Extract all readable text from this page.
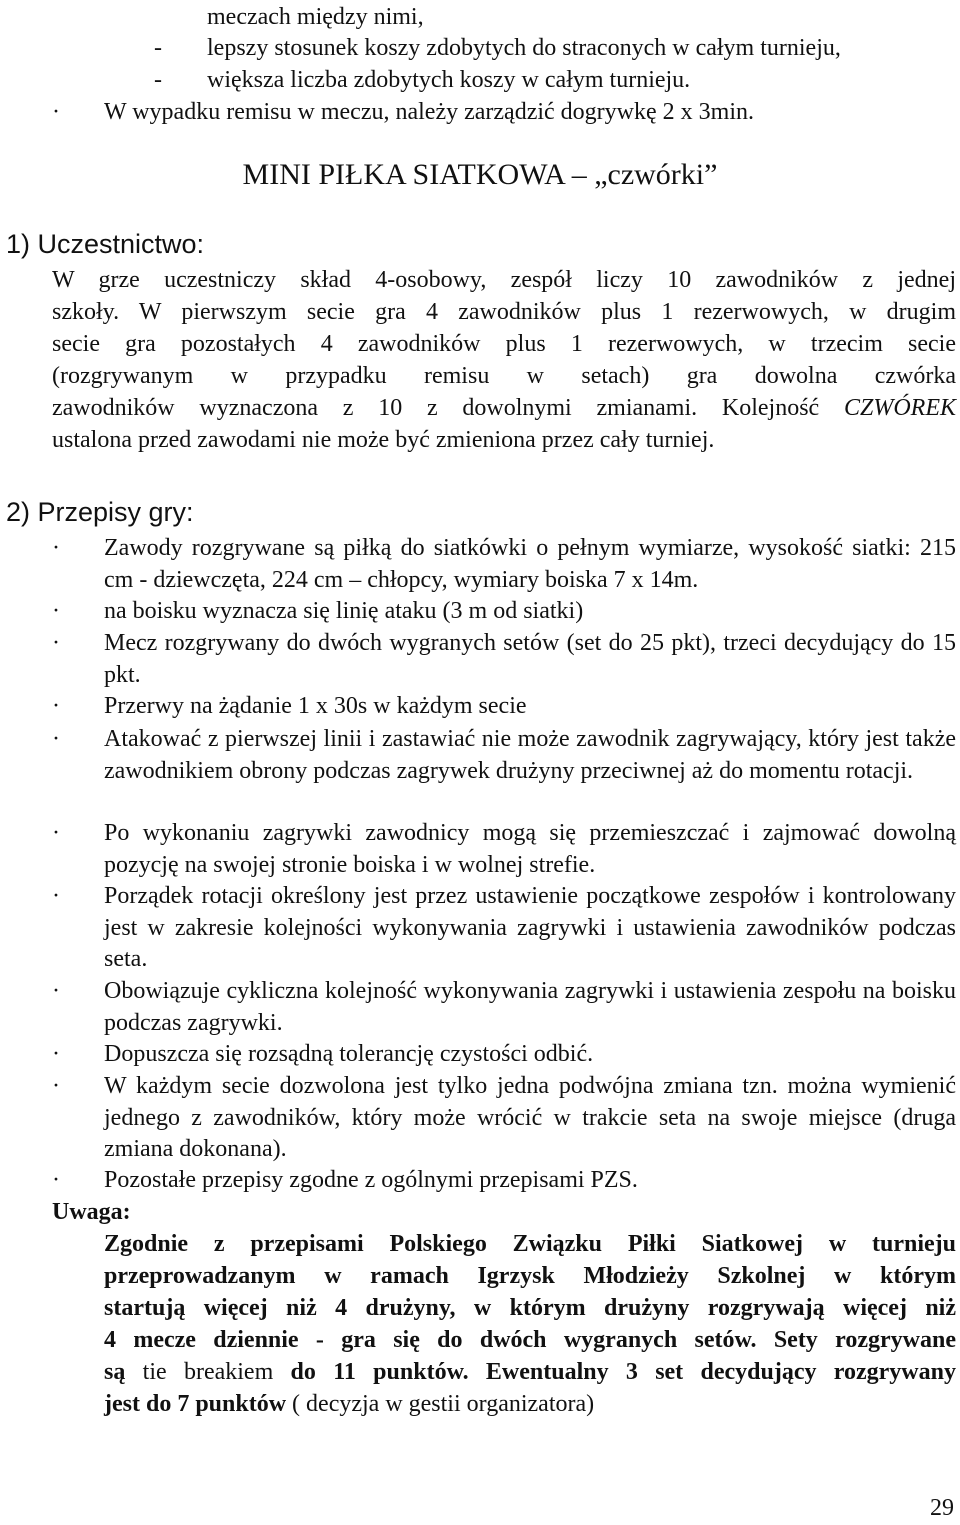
meczach między nimi,
- lepszy stosunek koszy zdobytych do straconych w całym turnieju,
- większa liczba zdobytych koszy w całym turnieju.
· W wypadku remisu w meczu, należy zarządzić dogrywkę 2 x 3min.
MINI PIŁKA SIATKOWA – „czwórki”
1) Uczestnictwo:
W grze uczestniczy skład 4-osobowy, zespół liczy 10 zawodników z jednej
szkoły. W pierwszym secie gra 4 zawodników plus 1 rezerwowych, w drugim
secie gra pozostałych 4 zawodników plus 1 rezerwowych, w trzecim secie
(rozgrywanym w przypadku remisu w setach) gra dowolna czwórka
zawodników wyznaczona z 10 z dowolnymi zmianami. Kolejność CZWÓREK
ustalona przed zawodami nie może być zmieniona przez cały turniej.
2) Przepisy gry:
· Zawody rozgrywane są piłką do siatkówki o pełnym wymiarze, wysokość siatki: 215 cm - dziewczęta, 224 cm – chłopcy, wymiary boiska 7 x 14m.
· na boisku wyznacza się linię ataku (3 m od siatki)
· Mecz rozgrywany do dwóch wygranych setów (set do 25 pkt), trzeci decydujący do 15 pkt.
· Przerwy na żądanie 1 x 30s w każdym secie
· Atakować z pierwszej linii i zastawiać nie może zawodnik zagrywający, który jest także zawodnikiem obrony podczas zagrywek drużyny przeciwnej aż do momentu rotacji.
· Po wykonaniu zagrywki zawodnicy mogą się przemieszczać i zajmować dowolną pozycję na swojej stronie boiska i w wolnej strefie.
· Porządek rotacji określony jest przez ustawienie początkowe zespołów i kontrolowany jest w zakresie kolejności wykonywania zagrywki i ustawienia zawodników podczas seta.
· Obowiązuje cykliczna kolejność wykonywania zagrywki i ustawienia zespołu na boisku podczas zagrywki.
· Dopuszcza się rozsądną tolerancję czystości odbić.
· W każdym secie dozwolona jest tylko jedna podwójna zmiana tzn. można wymienić jednego z zawodników, który może wrócić w trakcie seta na swoje miejsce (druga zmiana dokonana).
· Pozostałe przepisy zgodne z ogólnymi przepisami PZS.
Uwaga:
Zgodnie z przepisami Polskiego Związku Piłki Siatkowej w turnieju
przeprowadzanym w ramach Igrzysk Młodzieży Szkolnej w którym
startują więcej niż 4 drużyny, w którym drużyny rozgrywają więcej niż
4 mecze dziennie - gra się do dwóch wygranych setów. Sety rozgrywane
są tie breakiem do 11 punktów. Ewentualny 3 set decydujący rozgrywany
jest do 7 punktów ( decyzja w gestii organizatora)
29
